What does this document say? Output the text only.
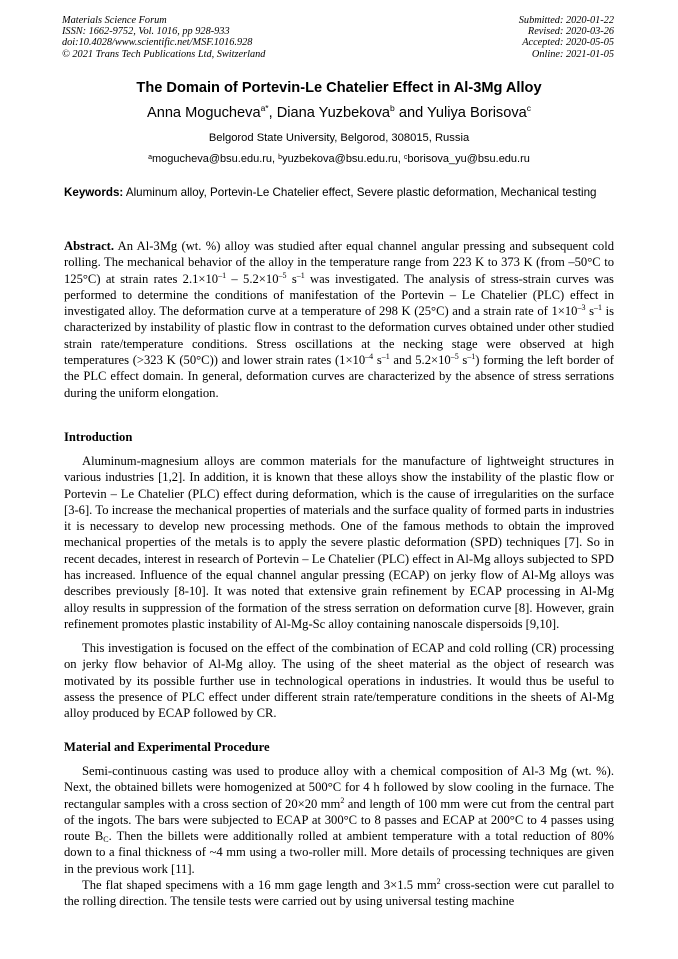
Materials Science Forum
ISSN: 1662-9752, Vol. 1016, pp 928-933
doi:10.4028/www.scientific.net/MSF.1016.928
© 2021 Trans Tech Publications Ltd, Switzerland
Submitted: 2020-01-22
Revised: 2020-03-26
Accepted: 2020-05-05
Online: 2021-01-05
The Domain of Portevin-Le Chatelier Effect in Al-3Mg Alloy
Anna Mogucheva$^{a*}$, Diana Yuzbekova$^b$ and Yuliya Borisova$^c$
Belgorod State University, Belgorod, 308015, Russia
$^a$mogucheva@bsu.edu.ru, $^b$yuzbekova@bsu.edu.ru, $^c$borisova_yu@bsu.edu.ru
Keywords: Aluminum alloy, Portevin-Le Chatelier effect, Severe plastic deformation, Mechanical testing
Abstract. An Al-3Mg (wt. %) alloy was studied after equal channel angular pressing and subsequent cold rolling. The mechanical behavior of the alloy in the temperature range from 223 K to 373 K (from –50°C to 125°C) at strain rates $2.1\times 10^{-1} - 5.2\times 10^{-5}$ $s^{-1}$ was investigated. The analysis of stress-strain curves was performed to determine the conditions of manifestation of the Portevin – Le Chatelier (PLC) effect in investigated alloy. The deformation curve at a temperature of 298 K (25°C) and a strain rate of $1\times 10^{-3}$ $s^{-1}$ is characterized by instability of plastic flow in contrast to the deformation curves obtained under other studied strain rate/temperature conditions. Stress oscillations at the necking stage were observed at high temperatures (>323 K (50°C)) and lower strain rates ($1\times 10^{-4}$ $s^{-1}$ and $5.2\times 10^{-5}$ $s^{-1}$) forming the left border of the PLC effect domain. In general, deformation curves are characterized by the absence of stress serrations during the uniform elongation.
Introduction
Aluminum-magnesium alloys are common materials for the manufacture of lightweight structures in various industries [1,2]. In addition, it is known that these alloys show the instability of the plastic flow or Portevin – Le Chatelier (PLC) effect during deformation, which is the cause of irregularities on the surface [3-6]. To increase the mechanical properties of materials and the surface quality of formed parts in industries it is necessary to develop new processing methods. One of the famous methods to obtain the improved mechanical properties of the metals is to apply the severe plastic deformation (SPD) techniques [7]. So in recent decades, interest in research of Portevin – Le Chatelier (PLC) effect in Al-Mg alloys subjected to SPD has increased. Influence of the equal channel angular pressing (ECAP) on jerky flow of Al-Mg alloys was describes previously [8-10]. It was noted that extensive grain refinement by ECAP processing in Al-Mg alloy results in suppression of the formation of the stress serration on deformation curve [8]. However, grain refinement promotes plastic instability of Al-Mg-Sc alloy containing nanoscale dispersoids [9,10].
This investigation is focused on the effect of the combination of ECAP and cold rolling (CR) processing on jerky flow behavior of Al-Mg alloy. The using of the sheet material as the object of research was motivated by its possible further use in technological operations in industries. It would thus be useful to assess the presence of PLC effect under different strain rate/temperature conditions in the sheets of Al-Mg alloy produced by ECAP followed by CR.
Material and Experimental Procedure
Semi-continuous casting was used to produce alloy with a chemical composition of Al-3 Mg (wt. %). Next, the obtained billets were homogenized at 500°C for 4 h followed by slow cooling in the furnace. The rectangular samples with a cross section of 20×20 $mm^2$ and length of 100 mm were cut from the central part of the ingots. The bars were subjected to ECAP at 300°C to 8 passes and ECAP at 200°C to 4 passes using route $B_C$. Then the billets were additionally rolled at ambient temperature with a total reduction of 80% down to a final thickness of ~4 mm using a two-roller mill. More details of processing techniques are given in the previous work [11].
The flat shaped specimens with a 16 mm gage length and 3×1.5 $mm^2$ cross-section were cut parallel to the rolling direction. The tensile tests were carried out by using universal testing machine
